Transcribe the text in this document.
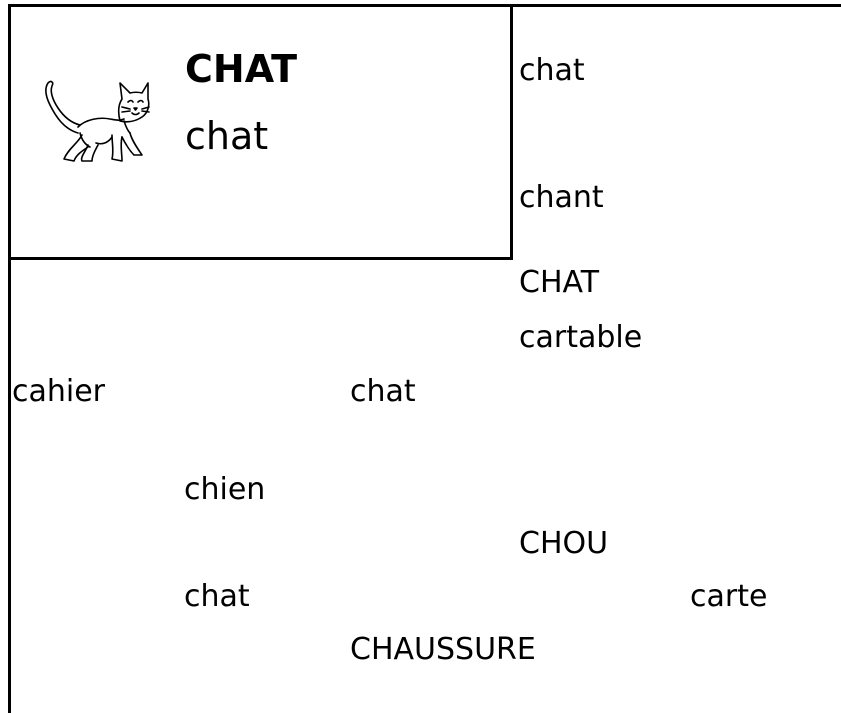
CHAT
chat
chat
chant
CHAT
cartable
cahier	chat
chien
CHOU
chat	carte
CHAUSSURE
